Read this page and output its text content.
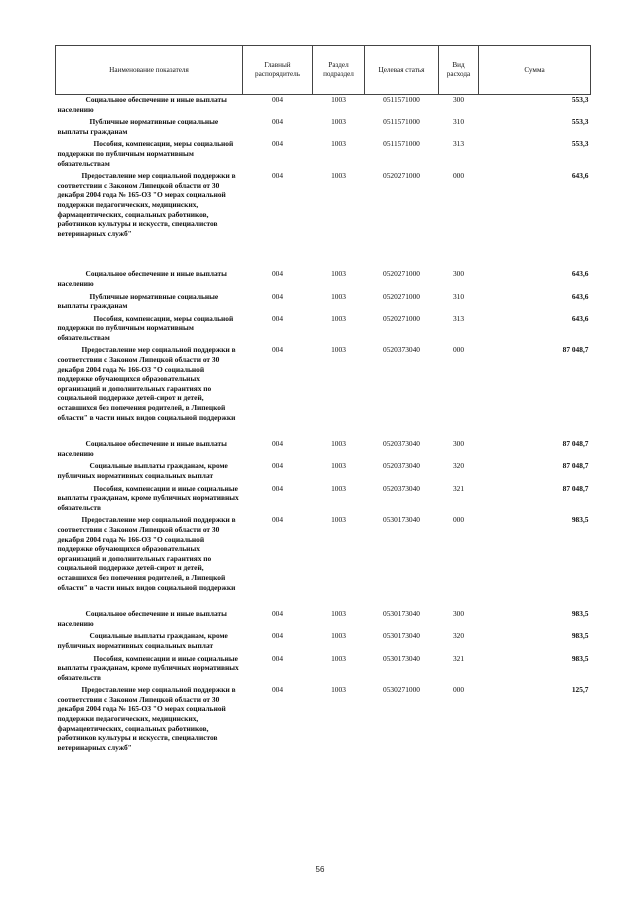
Наименование показателя	Главный распорядитель	Раздел подраздел	Целевая статья	Вид расхода	Сумма
Социальное обеспечение и иные выплаты населению	004	1003	0511571000	300	553,3
Публичные нормативные социальные выплаты гражданам	004	1003	0511571000	310	553,3
Пособия, компенсации, меры социальной поддержки по публичным нормативным обязательствам	004	1003	0511571000	313	553,3
Предоставление мер социальной поддержки в соответствии с Законом Липецкой области от 30 декабря 2004 года № 165-ОЗ "О мерах социальной поддержки педагогических, медицинских, фармацевтических, социальных работников, работников культуры и искусств, специалистов ветеринарных служб"	004	1003	0520271000	000	643,6
Социальное обеспечение и иные выплаты населению	004	1003	0520271000	300	643,6
Публичные нормативные социальные выплаты гражданам	004	1003	0520271000	310	643,6
Пособия, компенсации, меры социальной поддержки по публичным нормативным обязательствам	004	1003	0520271000	313	643,6
Предоставление мер социальной поддержки в соответствии с Законом Липецкой области от 30 декабря 2004 года № 166-ОЗ "О социальной поддержке обучающихся образовательных организаций и дополнительных гарантиях по социальной поддержке детей-сирот и детей, оставшихся без попечения родителей, в Липецкой области" в части иных видов социальной поддержки	004	1003	0520373040	000	87 048,7
Социальное обеспечение и иные выплаты населению	004	1003	0520373040	300	87 048,7
Социальные выплаты гражданам, кроме публичных нормативных социальных выплат	004	1003	0520373040	320	87 048,7
Пособия, компенсации и иные социальные выплаты гражданам, кроме публичных нормативных обязательств	004	1003	0520373040	321	87 048,7
Предоставление мер социальной поддержки в соответствии с Законом Липецкой области от 30 декабря 2004 года № 166-ОЗ "О социальной поддержке обучающихся образовательных организаций и дополнительных гарантиях по социальной поддержке детей-сирот и детей, оставшихся без попечения родителей, в Липецкой области" в части иных видов социальной поддержки	004	1003	0530173040	000	983,5
Социальное обеспечение и иные выплаты населению	004	1003	0530173040	300	983,5
Социальные выплаты гражданам, кроме публичных нормативных социальных выплат	004	1003	0530173040	320	983,5
Пособия, компенсации и иные социальные выплаты гражданам, кроме публичных нормативных обязательств	004	1003	0530173040	321	983,5
Предоставление мер социальной поддержки в соответствии с Законом Липецкой области от 30 декабря 2004 года № 165-ОЗ "О мерах социальной поддержки педагогических, медицинских, фармацевтических, социальных работников, работников культуры и искусств, специалистов ветеринарных служб"	004	1003	0530271000	000	125,7
56
